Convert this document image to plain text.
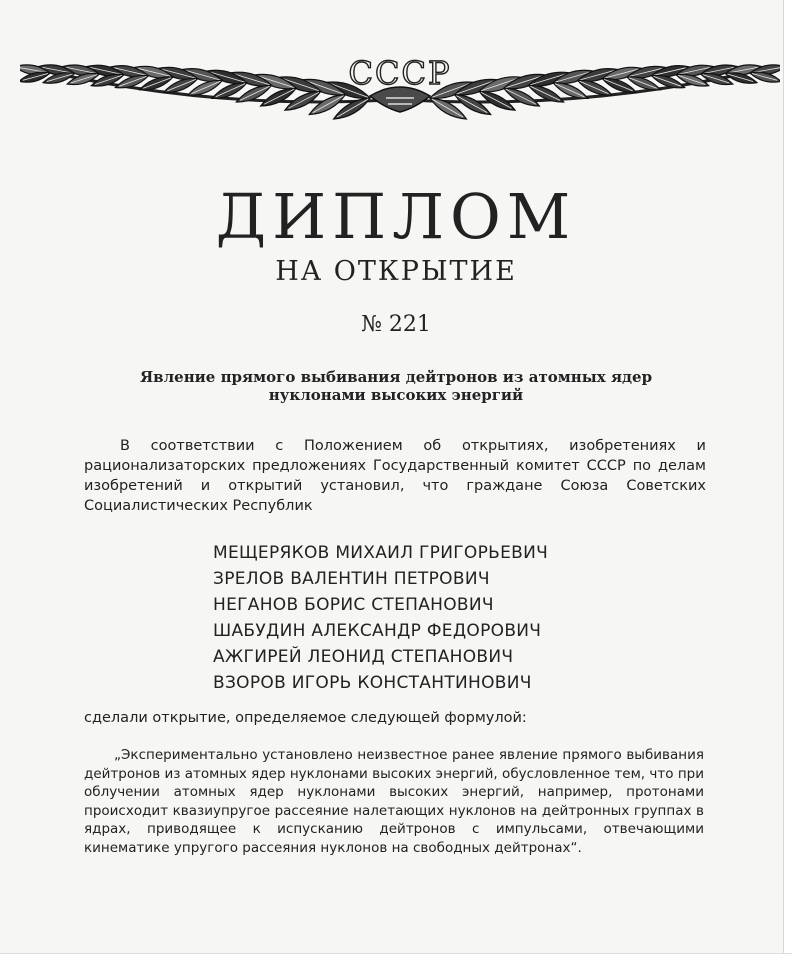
СССР
ДИПЛОМ
НА ОТКРЫТИЕ
№ 221
Явление прямого выбивания дейтронов из атомных ядер нуклонами высоких энергий
В соответствии с Положением об открытиях, изобретениях и рационализаторских предложениях Государственный комитет СССР по делам изобретений и открытий установил, что граждане Союза Советских Социалистических Республик
МЕЩЕРЯКОВ МИХАИЛ ГРИГОРЬЕВИЧ
ЗРЕЛОВ ВАЛЕНТИН ПЕТРОВИЧ
НЕГАНОВ БОРИС СТЕПАНОВИЧ
ШАБУДИН АЛЕКСАНДР ФЕДОРОВИЧ
АЖГИРЕЙ ЛЕОНИД СТЕПАНОВИЧ
ВЗОРОВ ИГОРЬ КОНСТАНТИНОВИЧ
сделали открытие, определяемое следующей формулой:
„Экспериментально установлено неизвестное ранее явление прямого выбивания дейтронов из атомных ядер нуклонами высоких энергий, обусловленное тем, что при облучении атомных ядер нуклонами высоких энергий, например, протонами происходит квазиупругое рассеяние налетающих нуклонов на дейтронных группах в ядрах, приводящее к испусканию дейтронов с импульсами, отвечающими кинематике упругого рассеяния нуклонов на свободных дейтронах“.
